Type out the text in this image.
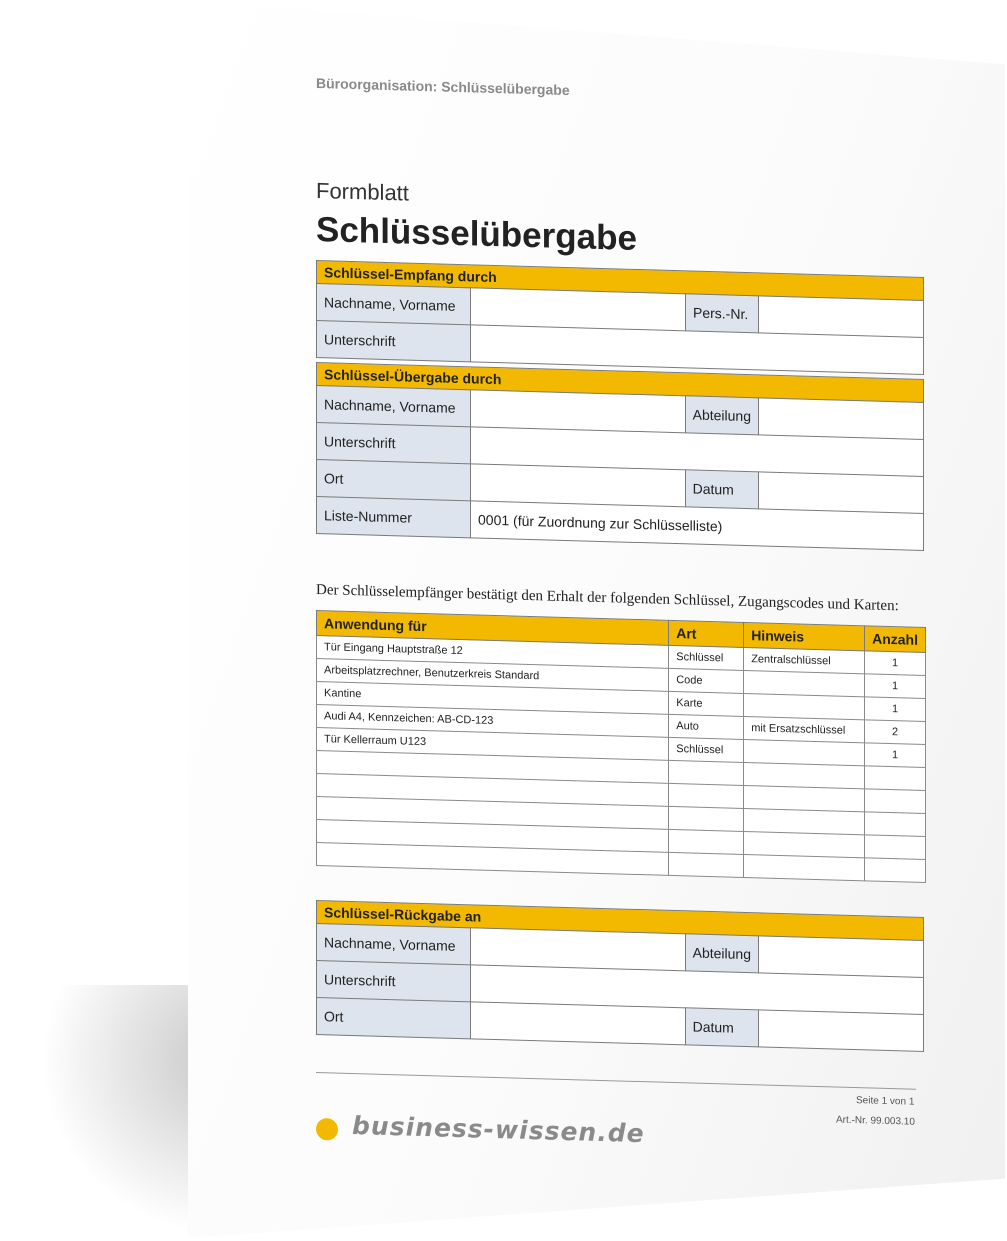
Büroorganisation: Schlüsselübergabe
Formblatt
Schlüsselübergabe
Schlüssel-Empfang durch			
Nachname, Vorname		Pers.-Nr.	
Unterschrift			
Schlüssel-Übergabe durch			
Nachname, Vorname		Abteilung	
Unterschrift			
Ort		Datum	
Liste-Nummer	0001 (für Zuordnung zur Schlüsselliste)		
Der Schlüsselempfänger bestätigt den Erhalt der folgenden Schlüssel, Zugangscodes und Karten:
Anwendung für	Art	Hinweis	Anzahl
Tür Eingang Hauptstraße 12	Schlüssel	Zentralschlüssel	1
Arbeitsplatzrechner, Benutzerkreis Standard	Code		1
Kantine	Karte		1
Audi A4, Kennzeichen: AB-CD-123	Auto	mit Ersatzschlüssel	2
Tür Kellerraum U123	Schlüssel		1

Schlüssel-Rückgabe an			
Nachname, Vorname		Abteilung	
Unterschrift			
Ort		Datum	
Seite 1 von 1
Art.-Nr. 99.003.10
business-wissen.de
